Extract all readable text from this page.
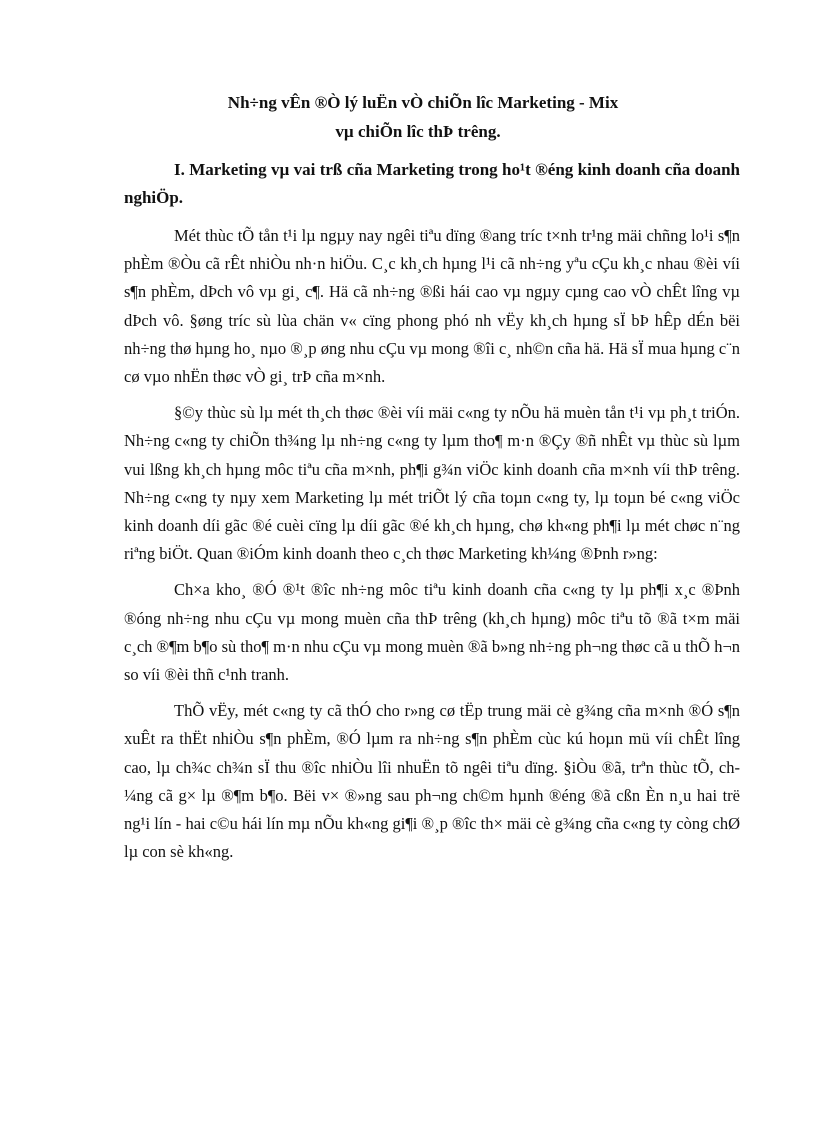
Nh÷ng vÊn ®Ò lý luËn vÒ chiÕn lîc Marketing - Mix
vµ chiÕn lîc thÞ trêng.
I. Marketing vµ vai trß cña Marketing trong ho¹t ®éng kinh doanh cña doanh nghiÖp.

Mét thùc tÕ tån t¹i lµ ngµy nay ngêi tiªu dïng ®ang tríc t×nh tr¹ng mäi chñng lo¹i s¶n phÈm ®Òu cã rÊt nhiÒu nh·n hiÖu. C¸c kh¸ch hµng l¹i cã nh÷ng yªu cÇu kh¸c nhau ®èi víi s¶n phÈm, dÞch vô vµ gi¸ c¶. Hä cã nh÷ng ®ßi hái cao vµ ngµy cµng cao vÒ chÊt lîng vµ dÞch vô. §øng tríc sù lùa chän v« cïng phong phó nh vËy kh¸ch hµng sÏ bÞ hÊp dÉn bëi nh÷ng thø hµng ho¸ nµo ®¸p øng nhu cÇu vµ mong ®îi c¸ nh©n cña hä. Hä sÏ mua hµng c¨n cø vµo nhËn thøc vÒ gi¸ trÞ cña m×nh.

§©y thùc sù lµ mét th¸ch thøc ®èi víi mäi c«ng ty nÕu hä muèn tån t¹i vµ ph¸t triÓn. Nh÷ng c«ng ty chiÕn th¾ng lµ nh÷ng c«ng ty lµm tho¶ m·n ®Çy ®ñ nhÊt vµ thùc sù lµm vui lßng kh¸ch hµng môc tiªu cña m×nh, ph¶i g¾n viÖc kinh doanh cña m×nh víi thÞ trêng. Nh÷ng c«ng ty nµy xem Marketing lµ mét triÕt lý cña toµn c«ng ty, lµ toµn bé c«ng viÖc kinh doanh díi gãc ®é cuèi cïng lµ díi gãc ®é kh¸ch hµng, chø kh«ng ph¶i lµ mét chøc n¨ng riªng biÖt. Quan ®iÓm kinh doanh theo c¸ch thøc Marketing kh¼ng ®Þnh r»ng:

Ch×a kho¸ ®Ó ®¹t ®îc nh÷ng môc tiªu kinh doanh cña c«ng ty lµ ph¶i x¸c ®Þnh ®óng nh÷ng nhu cÇu vµ mong muèn cña thÞ trêng (kh¸ch hµng) môc tiªu tõ ®ã t×m mäi c¸ch ®¶m b¶o sù tho¶ m·n nhu cÇu vµ mong muèn ®ã b»ng nh÷ng ph¬ng thøc cã u thÕ h¬n so víi ®èi thñ c¹nh tranh.

ThÕ vËy, mét c«ng ty cã thÓ cho r»ng cø tËp trung mäi cè g¾ng cña m×nh ®Ó s¶n xuÊt ra thËt nhiÒu s¶n phÈm, ®Ó lµm ra nh÷ng s¶n phÈm cùc kú hoµn mü víi chÊt lîng cao, lµ ch¾c ch¾n sÏ thu ®îc nhiÒu lîi nhuËn tõ ngêi tiªu dïng. §iÒu ®ã, trªn thùc tÕ, ch¼ng cã g× lµ ®¶m b¶o. Bëi v× ®»ng sau ph¬ng ch©m hµnh ®éng ®ã cßn Èn n¸u hai trë ng¹i lín - hai c©u hái lín mµ nÕu kh«ng gi¶i ®¸p ®îc th× mäi cè g¾ng cña c«ng ty còng chØ lµ con sè kh«ng.
